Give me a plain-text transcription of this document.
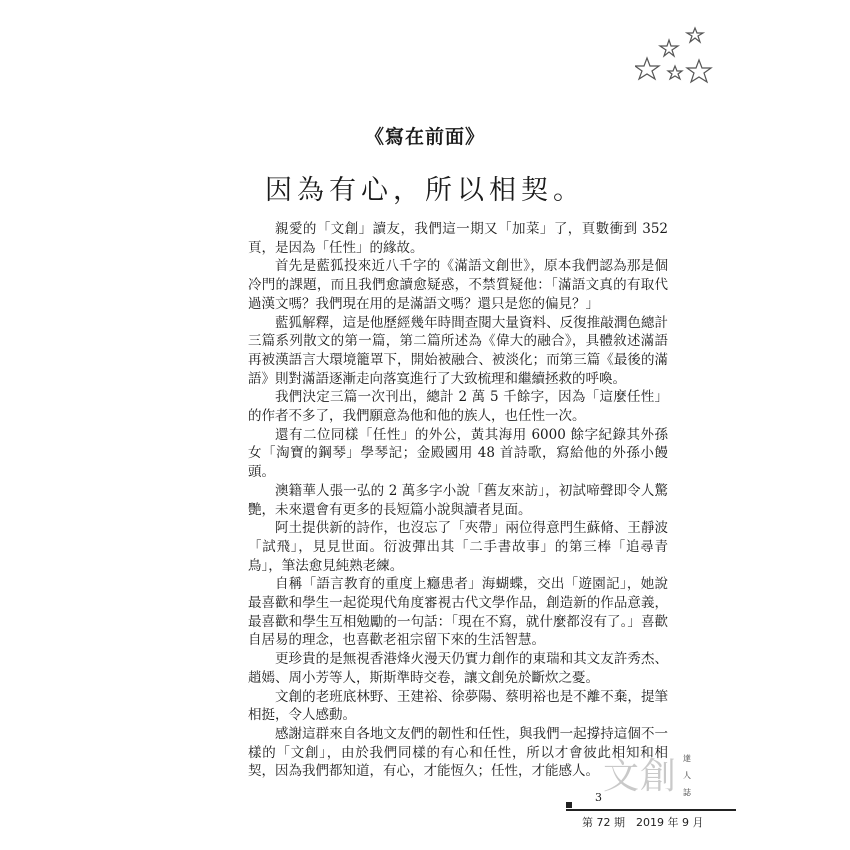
《寫在前面》
因為有心，所以相契。

親愛的「文創」讀友，我們這一期又「加菜」了，頁數衝到 352 頁，是因為「任性」的緣故。

首先是藍狐投來近八千字的《滿語文創世》，原本我們認為那是個冷門的課題，而且我們愈讀愈疑惑，不禁質疑他：「滿語文真的有取代過漢文嗎？我們現在用的是滿語文嗎？還只是您的偏見？」

藍狐解釋，這是他歷經幾年時間查閱大量資料、反復推敲潤色總計三篇系列散文的第一篇，第二篇所述為《偉大的融合》，具體敘述滿語再被漢語言大環境籠罩下，開始被融合、被淡化；而第三篇《最後的滿語》則對滿語逐漸走向落寞進行了大致梳理和繼續拯救的呼喚。

我們決定三篇一次刊出，總計 2 萬 5 千餘字，因為「這麼任性」的作者不多了，我們願意為他和他的族人，也任性一次。

還有二位同樣「任性」的外公，黃其海用 6000 餘字紀錄其外孫女「淘寶的鋼琴」學琴記；金殿國用 48 首詩歌，寫給他的外孫小饅頭。

澳籍華人張一弘的 2 萬多字小說「舊友來訪」，初試啼聲即令人驚艷，未來還會有更多的長短篇小說與讀者見面。

阿土提供新的詩作，也沒忘了「夾帶」兩位得意門生蘇脩、王靜波「試飛」，見見世面。衍波彈出其「二手書故事」的第三棒「追尋青鳥」，筆法愈見純熟老練。

自稱「語言教育的重度上癮患者」海蝴蝶，交出「遊園記」，她說最喜歡和學生一起從現代角度審視古代文學作品，創造新的作品意義，最喜歡和學生互相勉勵的一句話：「現在不寫，就什麼都沒有了。」喜歡自居易的理念，也喜歡老祖宗留下來的生活智慧。

更珍貴的是無視香港烽火漫天仍實力創作的東瑞和其文友許秀杰、趙嫣、周小芳等人，斯斯準時交卷，讓文創免於斷炊之憂。

文創的老班底林野、王建裕、徐夢陽、蔡明裕也是不離不棄，提筆相挺，令人感動。

感謝這群來自各地文友們的韌性和任性，與我們一起撐持這個不一樣的「文創」，由於我們同樣的有心和任性，所以才會彼此相知和相契，因為我們都知道，有心，才能恆久；任性，才能感人。 文創 達
人
誌
3
第 72 期　2019 年 9 月
